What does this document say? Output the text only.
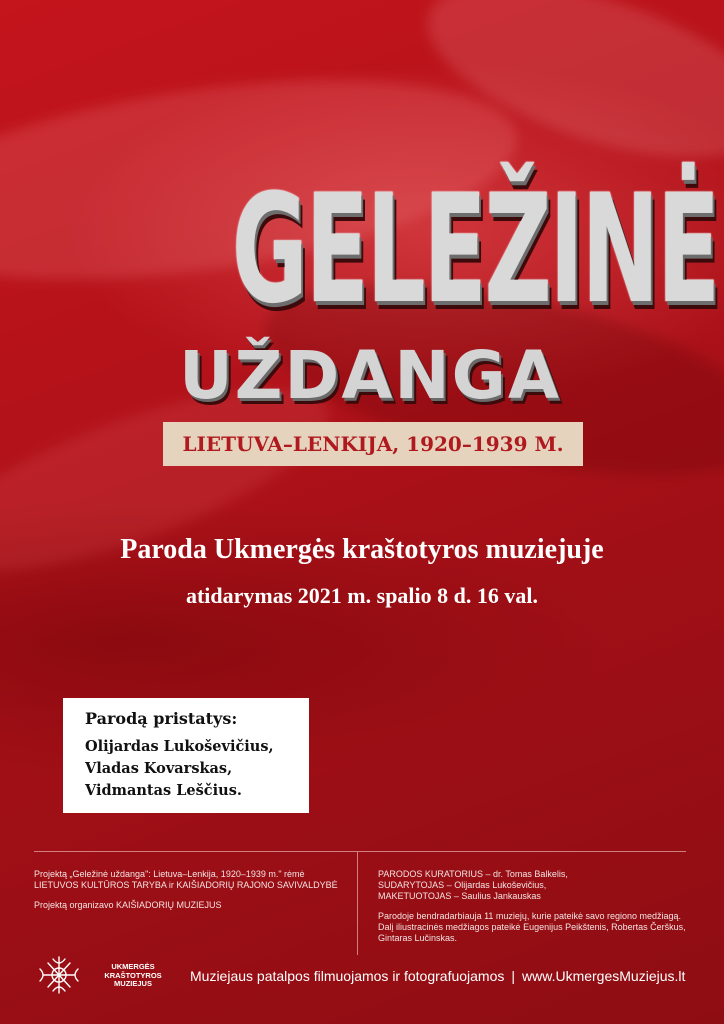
GELEŽINĖ
UŽDANGA
LIETUVA–LENKIJA, 1920–1939 M.
Paroda Ukmergės kraštotyros muziejuje
atidarymas 2021 m. spalio 8 d. 16 val.
Parodą pristatys:
Olijardas Lukoševičius,
Vladas Kovarskas,
Vidmantas Leščius.
Projektą „Geležinė uždanga": Lietuva–Lenkija, 1920–1939 m." rėmė
LIETUVOS KULTŪROS TARYBA ir KAIŠIADORIŲ RAJONO SAVIVALDYBĖ
Projektą organizavo KAIŠIADORIŲ MUZIEJUS
PARODOS KURATORIUS – dr. Tomas Balkelis,
SUDARYTOJAS – Olijardas Lukoševičius,
MAKETUOTOJAS – Saulius Jankauskas
Parodoje bendradarbiauja 11 muziejų, kurie pateikė savo regiono medžiagą.
Dalį iliustracinės medžiagos pateikė Eugenijus Peikštenis, Robertas Čerškus,
Gintaras Lučinskas.
UKMERGĖS
KRAŠTOTYROS
MUZIEJUS	Muziejaus patalpos filmuojamos ir fotografuojamos | www.UkmergesMuziejus.lt
